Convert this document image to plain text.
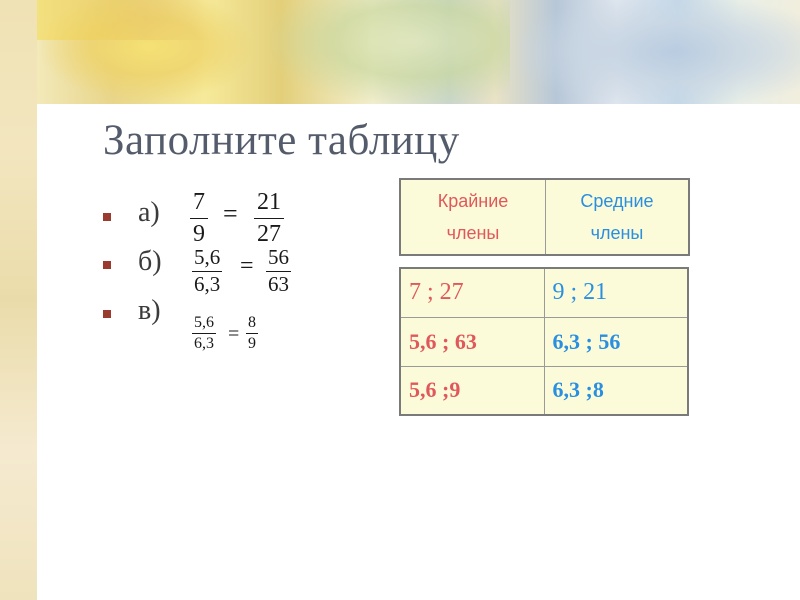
Заполните таблицу
а) 7
9
= 21
27
б) 5,6
6,3
= 56
63
в) 5,6
6,3 =
8
9
Крайние
члены
Средние
члены
7 ; 27	9 ; 21
5,6 ; 63	6,3 ; 56
5,6 ;9	6,3 ;8
